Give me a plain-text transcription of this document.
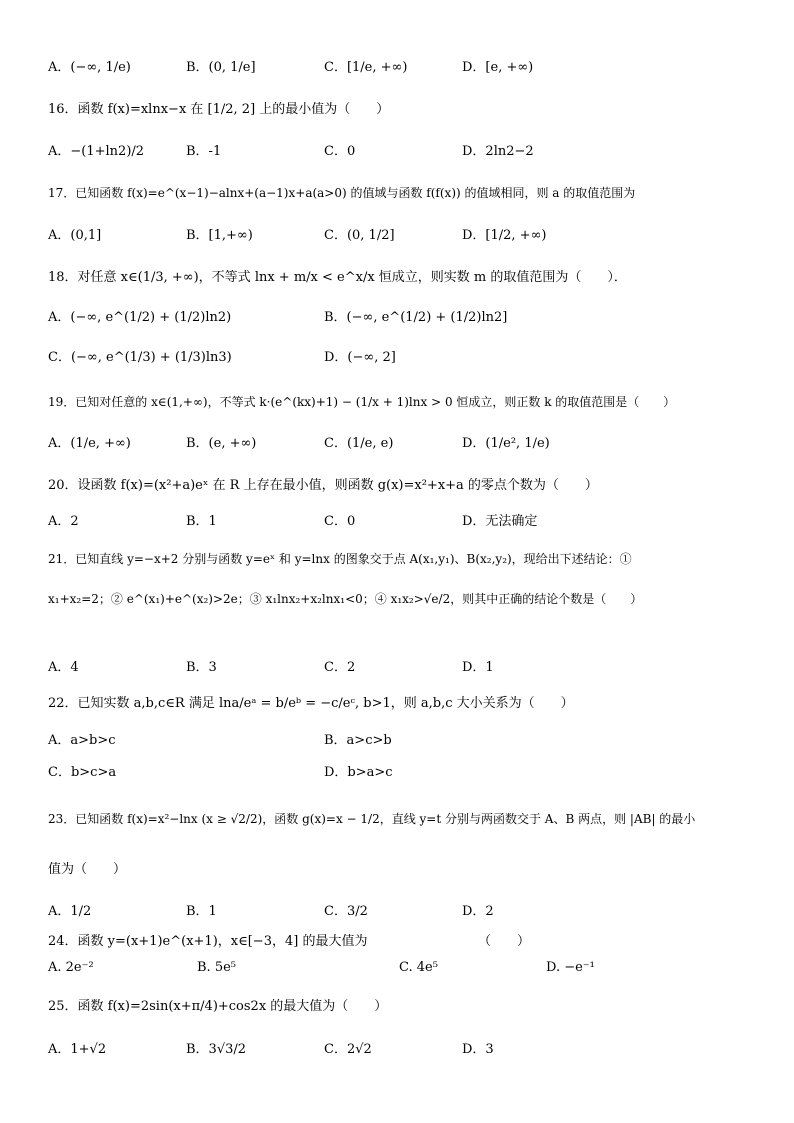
A．(−∞, 1/e)	B．(0, 1/e]	C．[1/e, +∞)	D．[e, +∞)
16．函数 f(x)=xlnx−x 在 [1/2, 2] 上的最小值为（　　）
A．−(1+ln2)/2	B．-1	C．0	D．2ln2−2
17．已知函数 f(x)=e^(x−1)−alnx+(a−1)x+a(a>0) 的值域与函数 f(f(x)) 的值域相同，则 a 的取值范围为
A．(0,1]	B．[1,+∞)	C．(0, 1/2]	D．[1/2, +∞)
18．对任意 x∈(1/3, +∞)，不等式 lnx + m/x < e^x/x 恒成立，则实数 m 的取值范围为（　　）．
A．(−∞, e^(1/2) + (1/2)ln2)	B．(−∞, e^(1/2) + (1/2)ln2]
C．(−∞, e^(1/3) + (1/3)ln3)	D．(−∞, 2]
19．已知对任意的 x∈(1,+∞)，不等式 k·(e^(kx)+1) − (1/x + 1)lnx > 0 恒成立，则正数 k 的取值范围是（　　）
A．(1/e, +∞)	B．(e, +∞)	C．(1/e, e)	D．(1/e², 1/e)
20．设函数 f(x)=(x²+a)eˣ 在 R 上存在最小值，则函数 g(x)=x²+x+a 的零点个数为（　　）
A．2	B．1	C．0	D．无法确定
21．已知直线 y=−x+2 分别与函数 y=eˣ 和 y=lnx 的图象交于点 A(x₁,y₁)、B(x₂,y₂)，现给出下述结论：①
x₁+x₂=2；② e^(x₁)+e^(x₂)>2e；③ x₁lnx₂+x₂lnx₁<0；④ x₁x₂>√e/2，则其中正确的结论个数是（　　）
A．4	B．3	C．2	D．1
22．已知实数 a,b,c∈R 满足 lna/eᵃ = b/eᵇ = −c/eᶜ, b>1，则 a,b,c 大小关系为（　　）
A．a>b>c	B．a>c>b
C．b>c>a	D．b>a>c
23．已知函数 f(x)=x²−lnx (x ≥ √2/2)，函数 g(x)=x − 1/2，直线 y=t 分别与两函数交于 A、B 两点，则 |AB| 的最小
值为（　　）
A．1/2	B．1	C．3/2	D．2
24．函数 y=(x+1)e^(x+1)，x∈[−3，4] 的最大值为　　　　　　　　　（　　）
A. 2e⁻²	B. 5e⁵	C. 4e⁵	D. −e⁻¹
25．函数 f(x)=2sin(x+π/4)+cos2x 的最大值为（　　）
A．1+√2	B．3√3/2	C．2√2	D．3
